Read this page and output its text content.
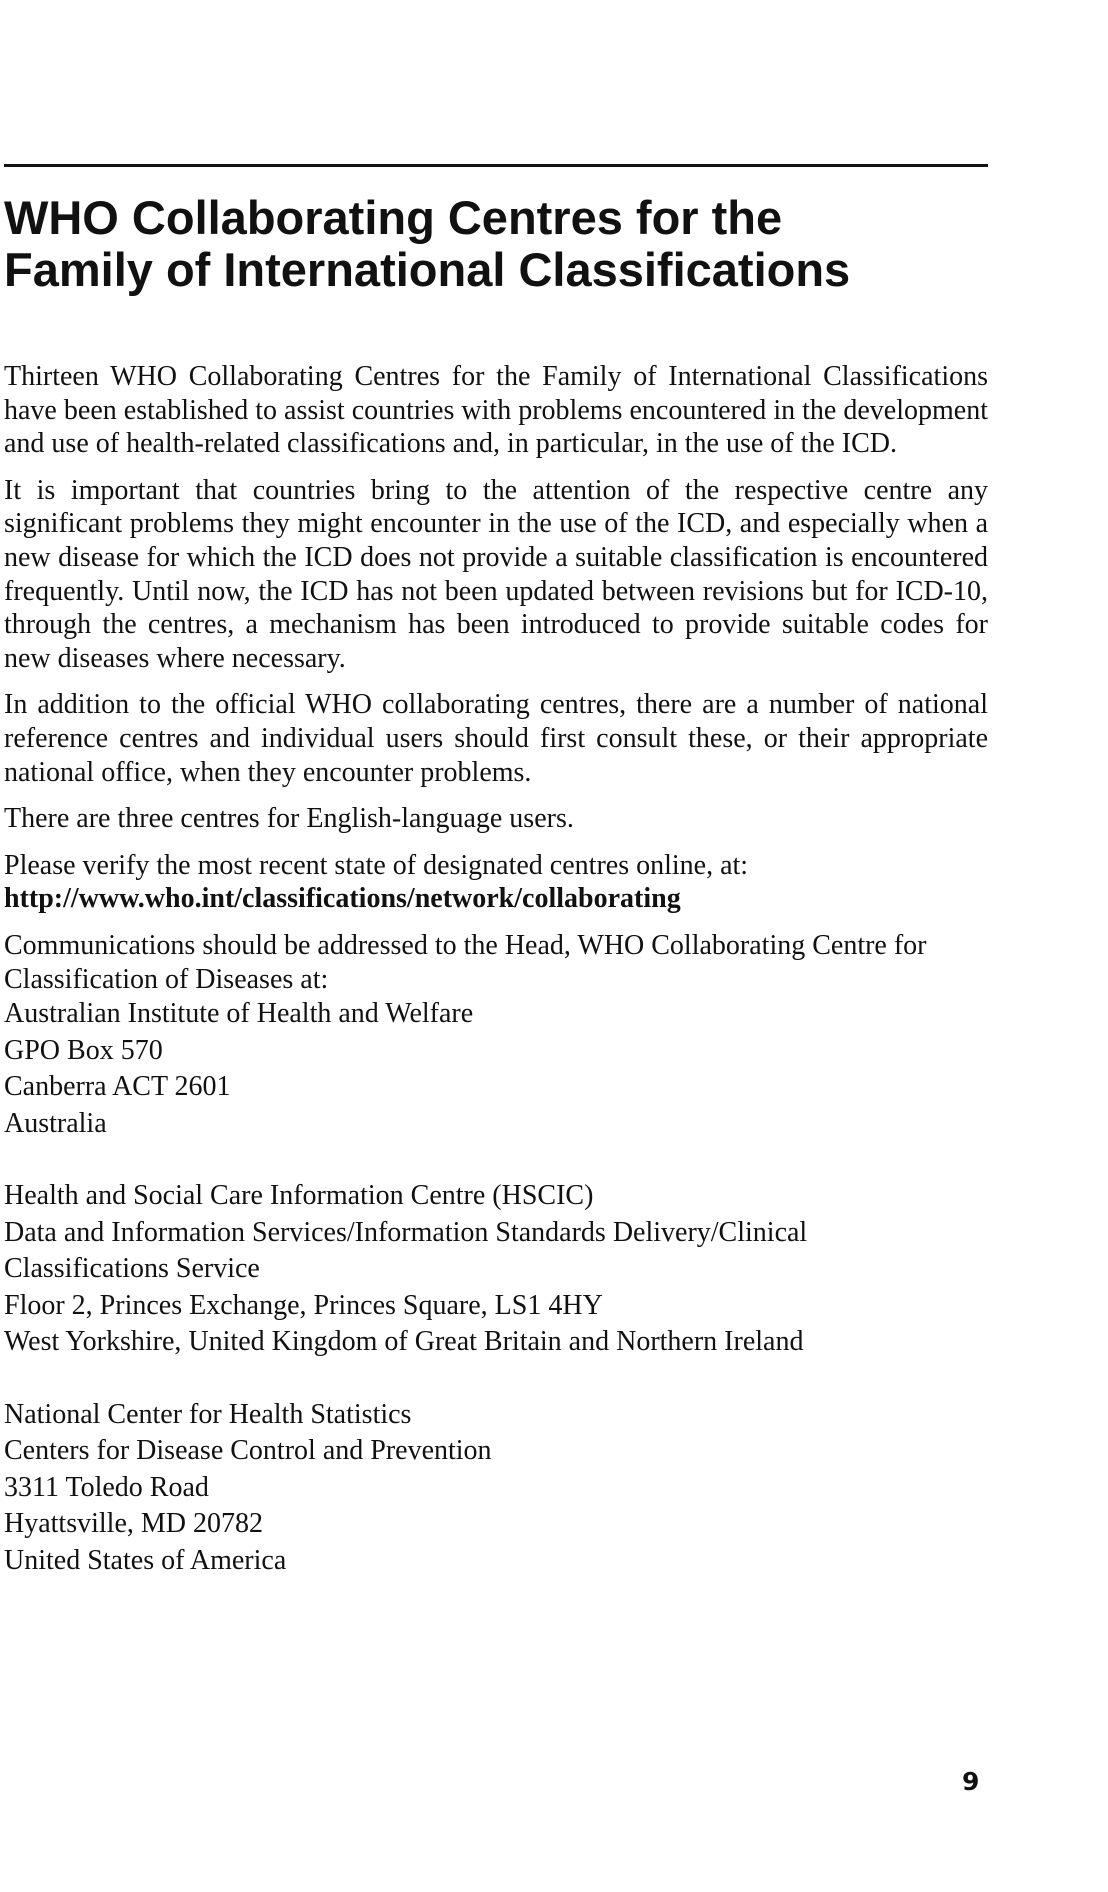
WHO Collaborating Centres for the
Family of International Classifications

Thirteen WHO Collaborating Centres for the Family of International Classifications have been established to assist countries with problems encountered in the development and use of health-related classifications and, in particular, in the use of the ICD.

It is important that countries bring to the attention of the respective centre any significant problems they might encounter in the use of the ICD, and especially when a new disease for which the ICD does not provide a suitable classification is encountered frequently. Until now, the ICD has not been updated between revisions but for ICD-10, through the centres, a mechanism has been introduced to provide suitable codes for new diseases where necessary.

In addition to the official WHO collaborating centres, there are a number of national reference centres and individual users should first consult these, or their appropriate national office, when they encounter problems.

There are three centres for English-language users.

Please verify the most recent state of designated centres online, at:
http://www.who.int/classifications/network/collaborating

Communications should be addressed to the Head, WHO Collaborating Centre for Classification of Diseases at:

Australian Institute of Health and Welfare
GPO Box 570
Canberra ACT 2601
Australia
Health and Social Care Information Centre (HSCIC)
Data and Information Services/Information Standards Delivery/Clinical
Classifications Service
Floor 2, Princes Exchange, Princes Square, LS1 4HY
West Yorkshire, United Kingdom of Great Britain and Northern Ireland
National Center for Health Statistics
Centers for Disease Control and Prevention
3311 Toledo Road
Hyattsville, MD 20782
United States of America
9
